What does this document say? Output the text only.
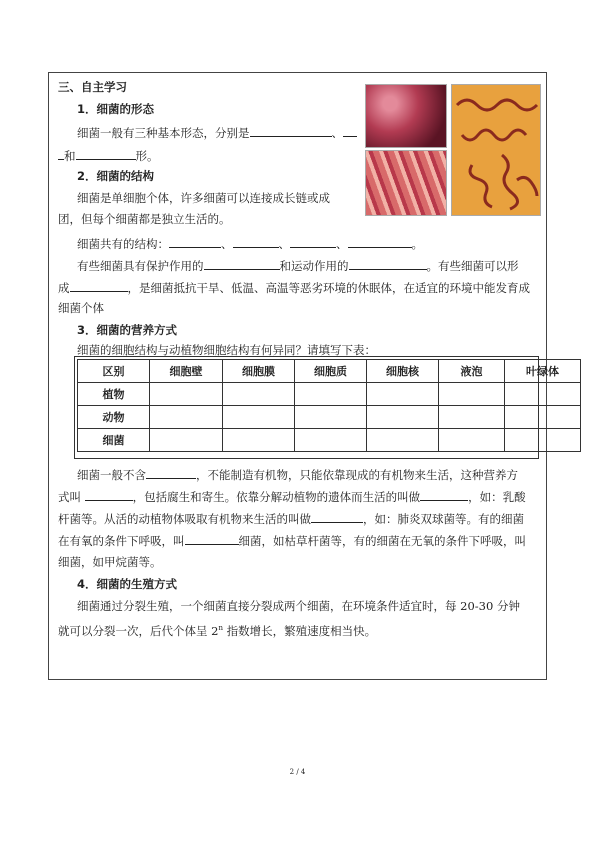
三、自主学习
1．细菌的形态
细菌一般有三种基本形态，分别是	、
和	形。
2．细菌的结构
细菌是单细胞个体，许多细菌可以连接成长链或成
团，但每个细菌都是独立生活的。
细菌共有的结构：	、	、	、	。
有些细菌具有保护作用的	和运动作用的	。有些细菌可以形
成	，是细菌抵抗干旱、低温、高温等恶劣环境的休眠体，在适宜的环境中能发育成
细菌个体
3．细菌的营养方式
细菌的细胞结构与动植物细胞结构有何异同？请填写下表：
区别	细胞壁	细胞膜	细胞质	细胞核	液泡	叶绿体
植物						
动物						
细菌						
细菌一般不含	，不能制造有机物，只能依靠现成的有机物来生活，这种营养方
式叫	，包括腐生和寄生。依靠分解动植物的遗体而生活的叫做	，如：乳酸
杆菌等。从活的动植物体吸取有机物来生活的叫做	，如：肺炎双球菌等。有的细菌
在有氧的条件下呼吸，叫	细菌，如枯草杆菌等，有的细菌在无氧的条件下呼吸，叫
细菌，如甲烷菌等。
4．细菌的生殖方式
细菌通过分裂生殖，一个细菌直接分裂成两个细菌，在环境条件适宜时，每 20-30 分钟
就可以分裂一次，后代个体呈 2$^n$ 指数增长，繁殖速度相当快。
2 / 4
